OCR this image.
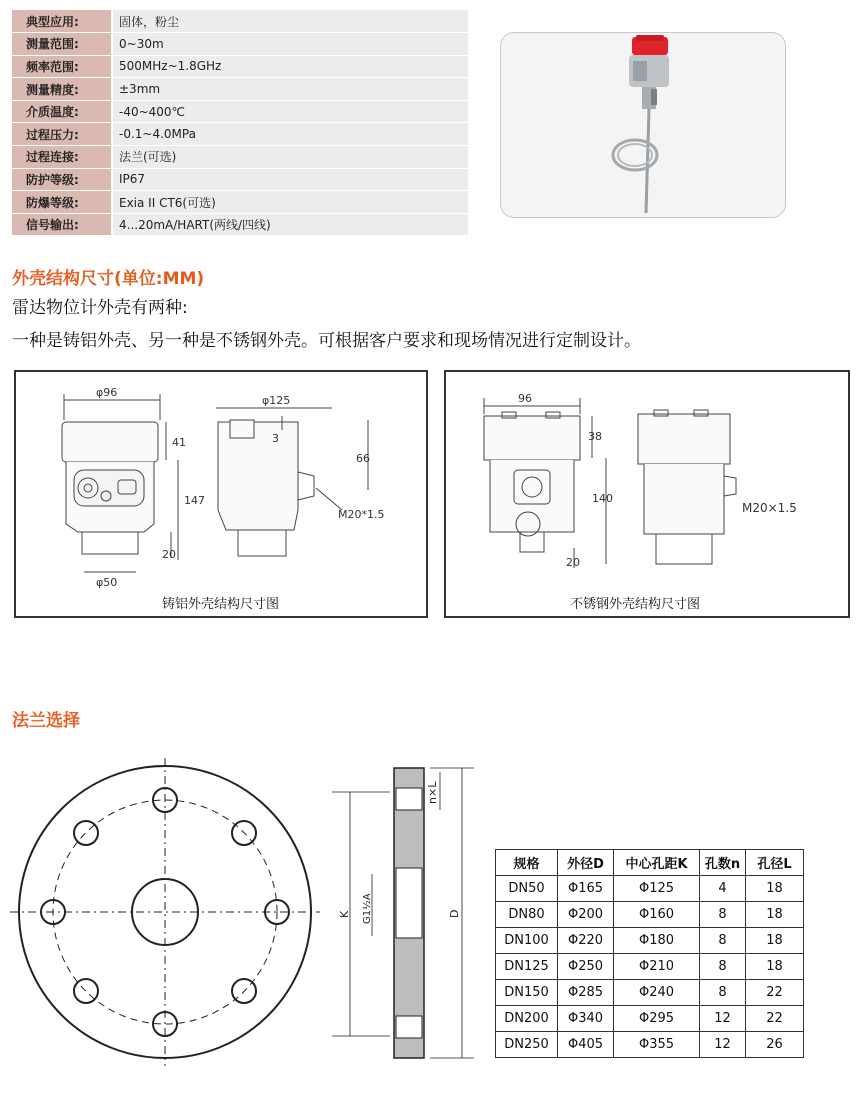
典型应用:	固体，粉尘
测量范围:	0~30m
频率范围:	500MHz~1.8GHz
测量精度:	±3mm
介质温度:	-40~400℃
过程压力:	-0.1~4.0MPa
过程连接:	法兰(可选)
防护等级:	IP67
防爆等级:	Exia II CT6(可选)
信号输出:	4...20mA/HART(两线/四线)
外壳结构尺寸(单位:MM)
雷达物位计外壳有两种:
一种是铸铝外壳、另一种是不锈钢外壳。可根据客户要求和现场情况进行定制设计。
φ96
φ125
φ50
41
147
20
3
66
M20*1.5
铸铝外壳结构尺寸图
96
38
140
20
M20×1.5
不锈钢外壳结构尺寸图
法兰选择
n×L
K	D
G1½A
规格	外径D	中心孔距K	孔数n	孔径L
DN50	Φ165	Φ125	4	18
DN80	Φ200	Φ160	8	18
DN100	Φ220	Φ180	8	18
DN125	Φ250	Φ210	8	18
DN150	Φ285	Φ240	8	22
DN200	Φ340	Φ295	12	22
DN250	Φ405	Φ355	12	26
